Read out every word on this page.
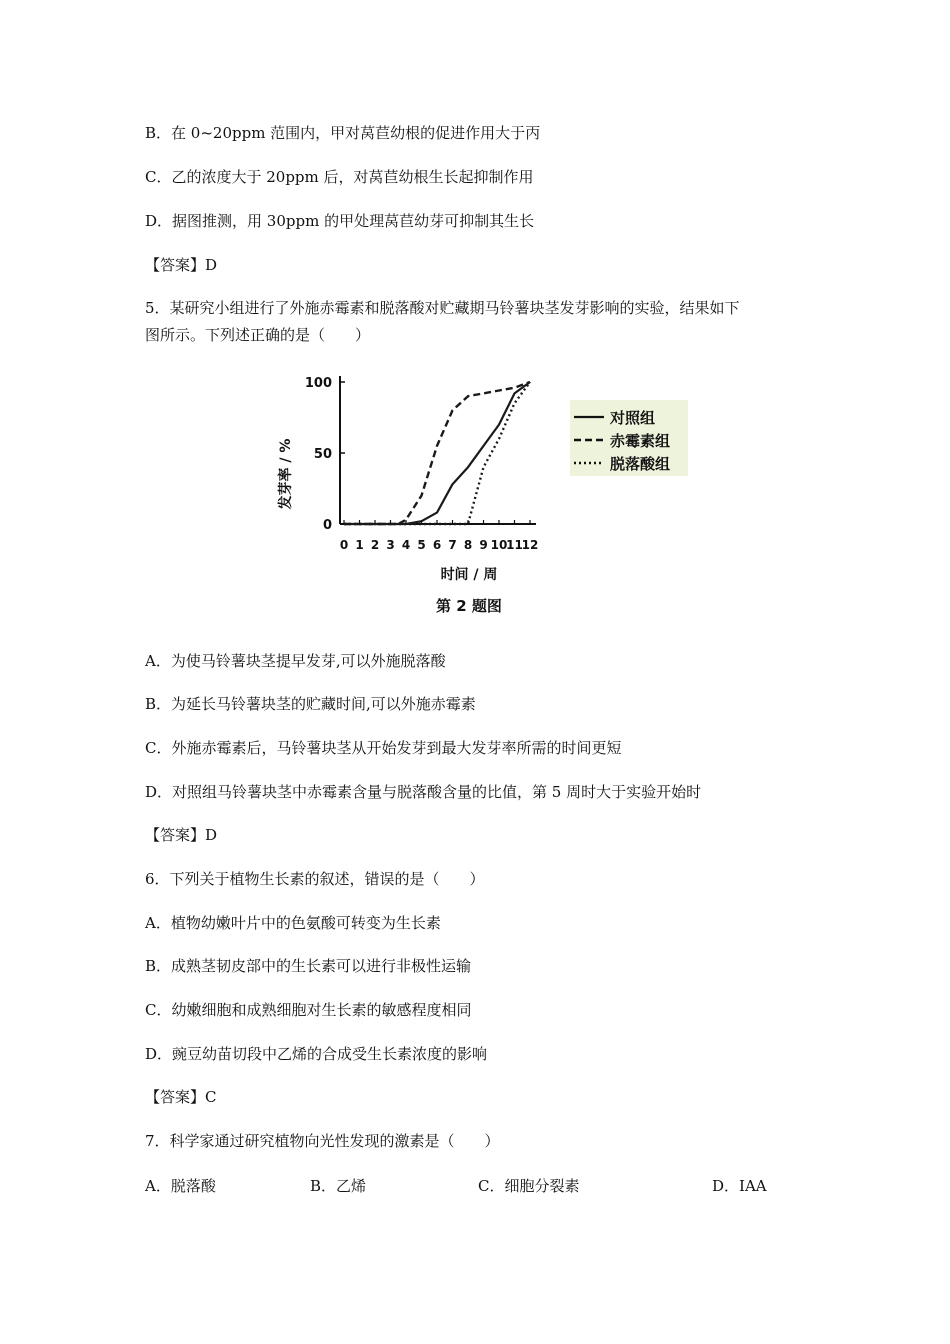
B．在 0~20ppm 范围内，甲对莴苣幼根的促进作用大于丙
C．乙的浓度大于 20ppm 后，对莴苣幼根生长起抑制作用
D．据图推测，用 30ppm 的甲处理莴苣幼芽可抑制其生长
【答案】D
5．某研究小组进行了外施赤霉素和脱落酸对贮藏期马铃薯块茎发芽影响的实验，结果如下
图所示。下列述正确的是（　　）
0
50
100
0 1 2 3 4 5 6 7 8 9 10
11
12
时间 / 周
发芽率 / %
第 2 题图
对照组
赤霉素组
脱落酸组
A．为使马铃薯块茎提早发芽,可以外施脱落酸
B．为延长马铃薯块茎的贮藏时间,可以外施赤霉素
C．外施赤霉素后，马铃薯块茎从开始发芽到最大发芽率所需的时间更短
D．对照组马铃薯块茎中赤霉素含量与脱落酸含量的比值，第 5 周时大于实验开始时
【答案】D
6．下列关于植物生长素的叙述，错误的是（　　）
A．植物幼嫩叶片中的色氨酸可转变为生长素
B．成熟茎韧皮部中的生长素可以进行非极性运输
C．幼嫩细胞和成熟细胞对生长素的敏感程度相同
D．豌豆幼苗切段中乙烯的合成受生长素浓度的影响
【答案】C
7．科学家通过研究植物向光性发现的激素是（　　）
A．脱落酸	B．乙烯	C．细胞分裂素	D．IAA
